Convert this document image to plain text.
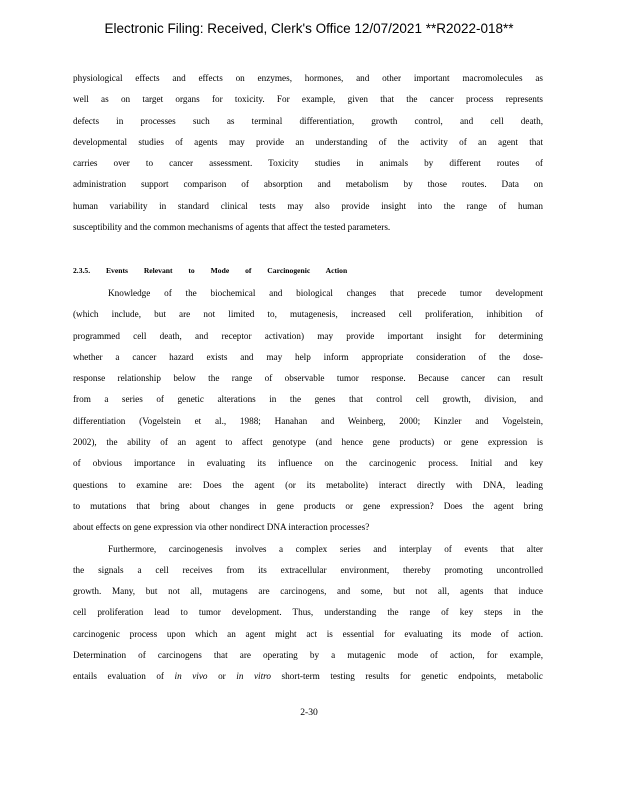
Electronic Filing: Received, Clerk's Office 12/07/2021 **R2022-018**
physiological effects and effects on enzymes, hormones, and other important macromolecules as
well as on target organs for toxicity. For example, given that the cancer process represents
defects in processes such as terminal differentiation, growth control, and cell death,
developmental studies of agents may provide an understanding of the activity of an agent that
carries over to cancer assessment. Toxicity studies in animals by different routes of
administration support comparison of absorption and metabolism by those routes. Data on
human variability in standard clinical tests may also provide insight into the range of human
susceptibility and the common mechanisms of agents that affect the tested parameters.
2.3.5. Events Relevant to Mode of Carcinogenic Action
Knowledge of the biochemical and biological changes that precede tumor development
(which include, but are not limited to, mutagenesis, increased cell proliferation, inhibition of
programmed cell death, and receptor activation) may provide important insight for determining
whether a cancer hazard exists and may help inform appropriate consideration of the dose-
response relationship below the range of observable tumor response. Because cancer can result
from a series of genetic alterations in the genes that control cell growth, division, and
differentiation (Vogelstein et al., 1988; Hanahan and Weinberg, 2000; Kinzler and Vogelstein,
2002), the ability of an agent to affect genotype (and hence gene products) or gene expression is
of obvious importance in evaluating its influence on the carcinogenic process. Initial and key
questions to examine are: Does the agent (or its metabolite) interact directly with DNA, leading
to mutations that bring about changes in gene products or gene expression? Does the agent bring
about effects on gene expression via other nondirect DNA interaction processes?
Furthermore, carcinogenesis involves a complex series and interplay of events that alter
the signals a cell receives from its extracellular environment, thereby promoting uncontrolled
growth. Many, but not all, mutagens are carcinogens, and some, but not all, agents that induce
cell proliferation lead to tumor development. Thus, understanding the range of key steps in the
carcinogenic process upon which an agent might act is essential for evaluating its mode of action.
Determination of carcinogens that are operating by a mutagenic mode of action, for example,
entails evaluation of in vivo or in vitro short-term testing results for genetic endpoints, metabolic
2-30
